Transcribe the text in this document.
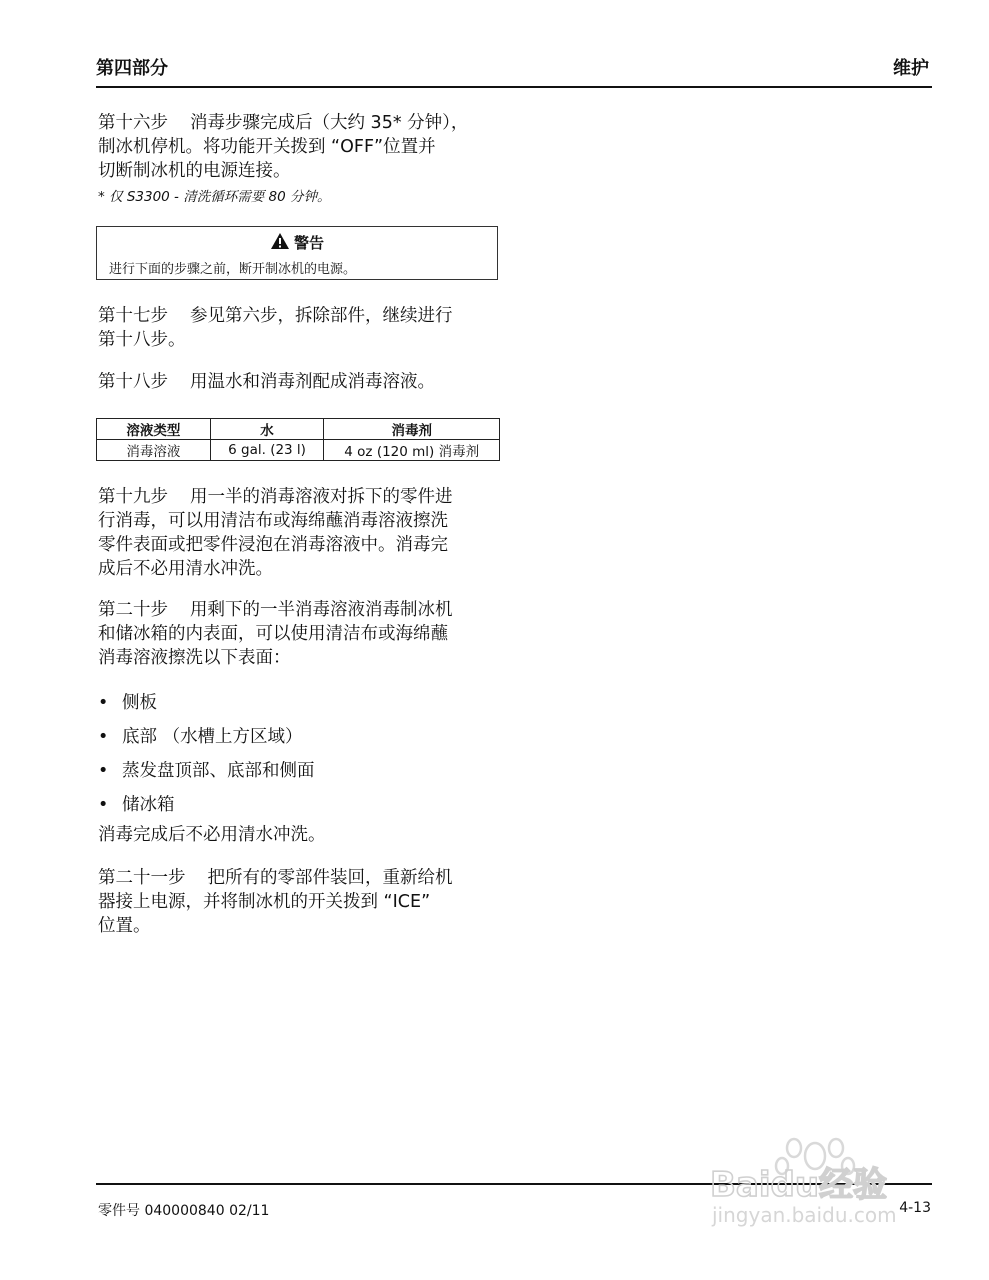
第四部分	维护

第十六步 消毒步骤完成后（大约 35* 分钟），

制冰机停机。将功能开关拨到 “OFF”位置并

切断制冰机的电源连接。

* 仅 S3300 - 清洗循环需要 80 分钟。

警告
进行下面的步骤之前，断开制冰机的电源。

第十七步 参见第六步，拆除部件，继续进行

第十八步。

第十八步 用温水和消毒剂配成消毒溶液。

溶液类型	水	消毒剂
消毒溶液	6 gal. (23 l)	4 oz (120 ml) 消毒剂

第十九步 用一半的消毒溶液对拆下的零件进

行消毒，可以用清洁布或海绵蘸消毒溶液擦洗

零件表面或把零件浸泡在消毒溶液中。消毒完

成后不必用清水冲洗。

第二十步 用剩下的一半消毒溶液消毒制冰机

和储冰箱的内表面，可以使用清洁布或海绵蘸

消毒溶液擦洗以下表面：

• 侧板
• 底部 （水槽上方区域）
• 蒸发盘顶部、底部和侧面
• 储冰箱

消毒完成后不必用清水冲洗。

第二十一步 把所有的零部件装回，重新给机

器接上电源，并将制冰机的开关拨到 “ICE”

位置。

零件号 040000840 02/11	4-13
Baidu经验
jingyan.baidu.com
